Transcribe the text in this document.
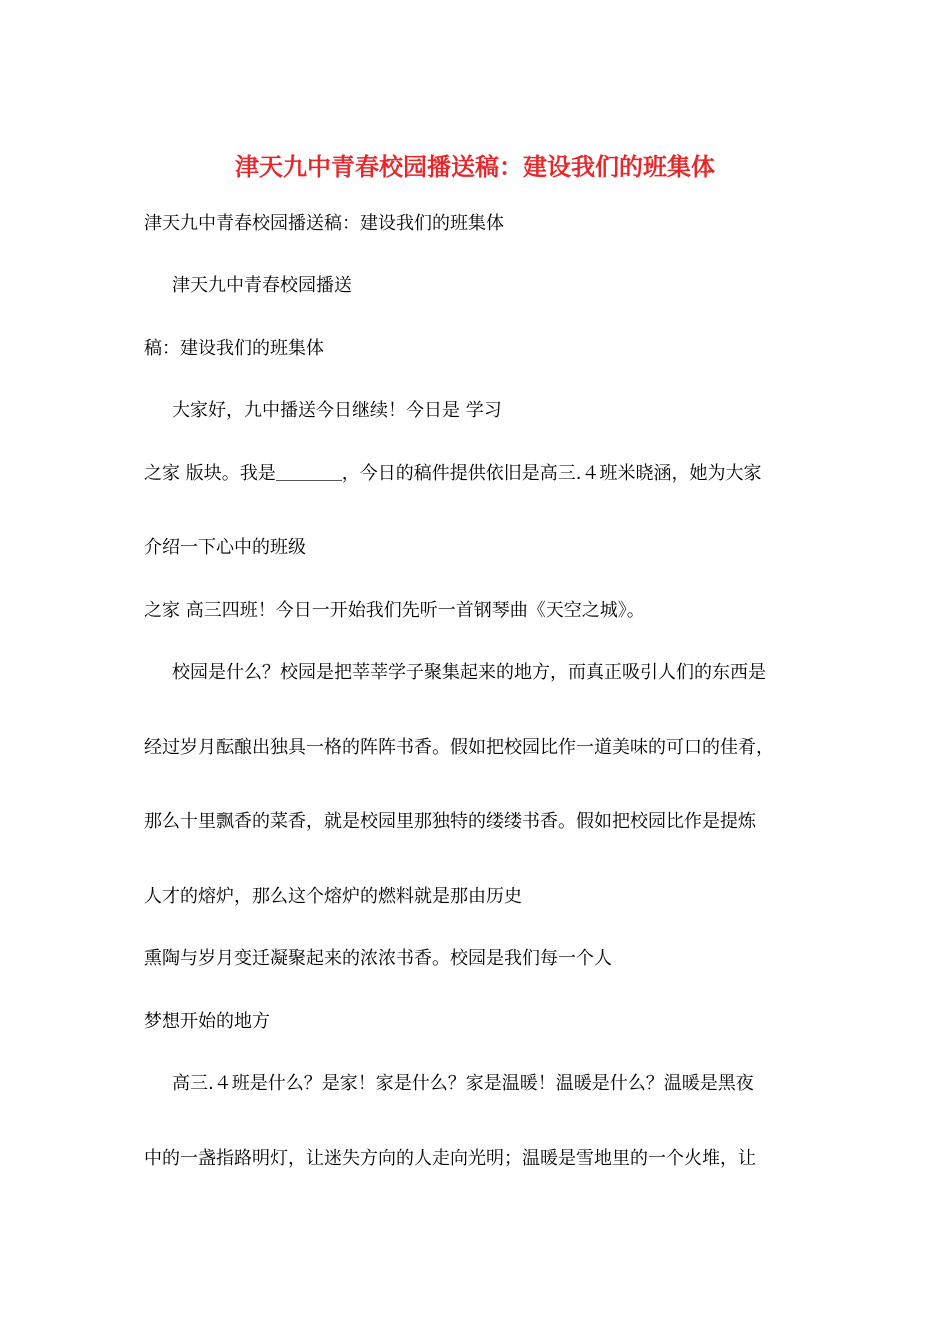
津天九中青春校园播送稿：建设我们的班集体
津天九中青春校园播送稿：建设我们的班集体
津天九中青春校园播送
稿：建设我们的班集体
大家好，九中播送今日继续！今日是 学习
之家 版块。我是	，今日的稿件提供依旧是高三.４班米晓涵，她为大家
介绍一下心中的班级
之家 高三四班！今日一开始我们先听一首钢琴曲《天空之城》。
校园是什么？校园是把莘莘学子聚集起来的地方，而真正吸引人们的东西是
经过岁月酝酿出独具一格的阵阵书香。假如把校园比作一道美味的可口的佳肴，
那么十里飘香的菜香，就是校园里那独特的缕缕书香。假如把校园比作是提炼
人才的熔炉，那么这个熔炉的燃料就是那由历史
熏陶与岁月变迁凝聚起来的浓浓书香。校园是我们每一个人
梦想开始的地方
高三.４班是什么？是家！家是什么？家是温暖！温暖是什么？温暖是黑夜
中的一盏指路明灯，让迷失方向的人走向光明；温暖是雪地里的一个火堆，让
